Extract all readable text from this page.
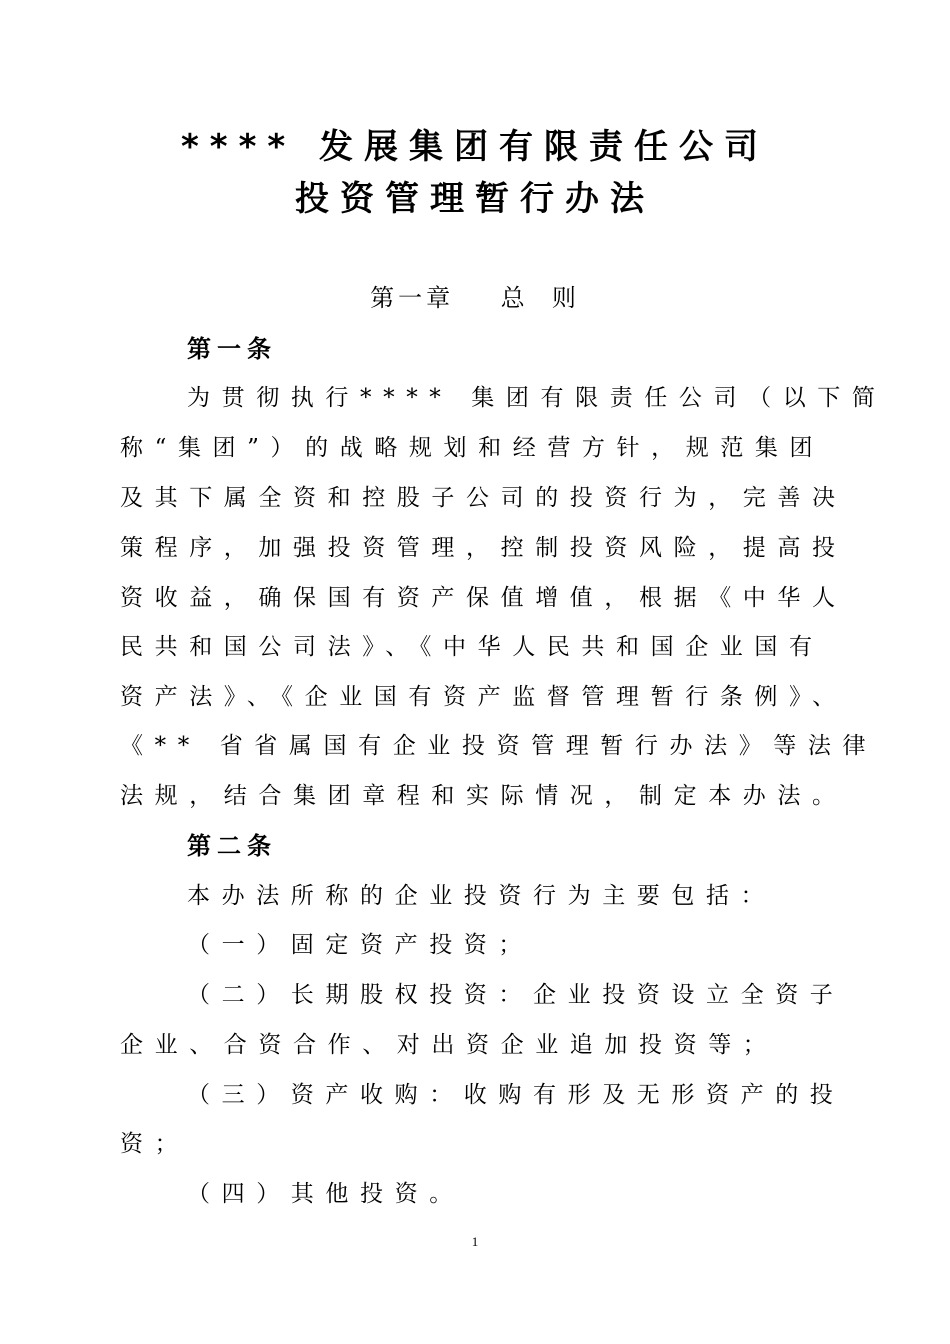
**** 发展集团有限责任公司
投资管理暂行办法
第一章    总  则
第一条
为贯彻执行**** 集团有限责任公司（以下简
称“集团”）的战略规划和经营方针，规范集团
及其下属全资和控股子公司的投资行为，完善决
策程序，加强投资管理，控制投资风险，提高投
资收益，确保国有资产保值增值，根据《中华人
民共和国公司法》、《中华人民共和国企业国有
资产法》、《企业国有资产监督管理暂行条例》、
《** 省省属国有企业投资管理暂行办法》等法律
法规，结合集团章程和实际情况，制定本办法。
第二条
本办法所称的企业投资行为主要包括：
（一）固定资产投资；
（二）长期股权投资：企业投资设立全资子
企业、合资合作、对出资企业追加投资等；
（三）资产收购：收购有形及无形资产的投
资；
（四）其他投资。
1
